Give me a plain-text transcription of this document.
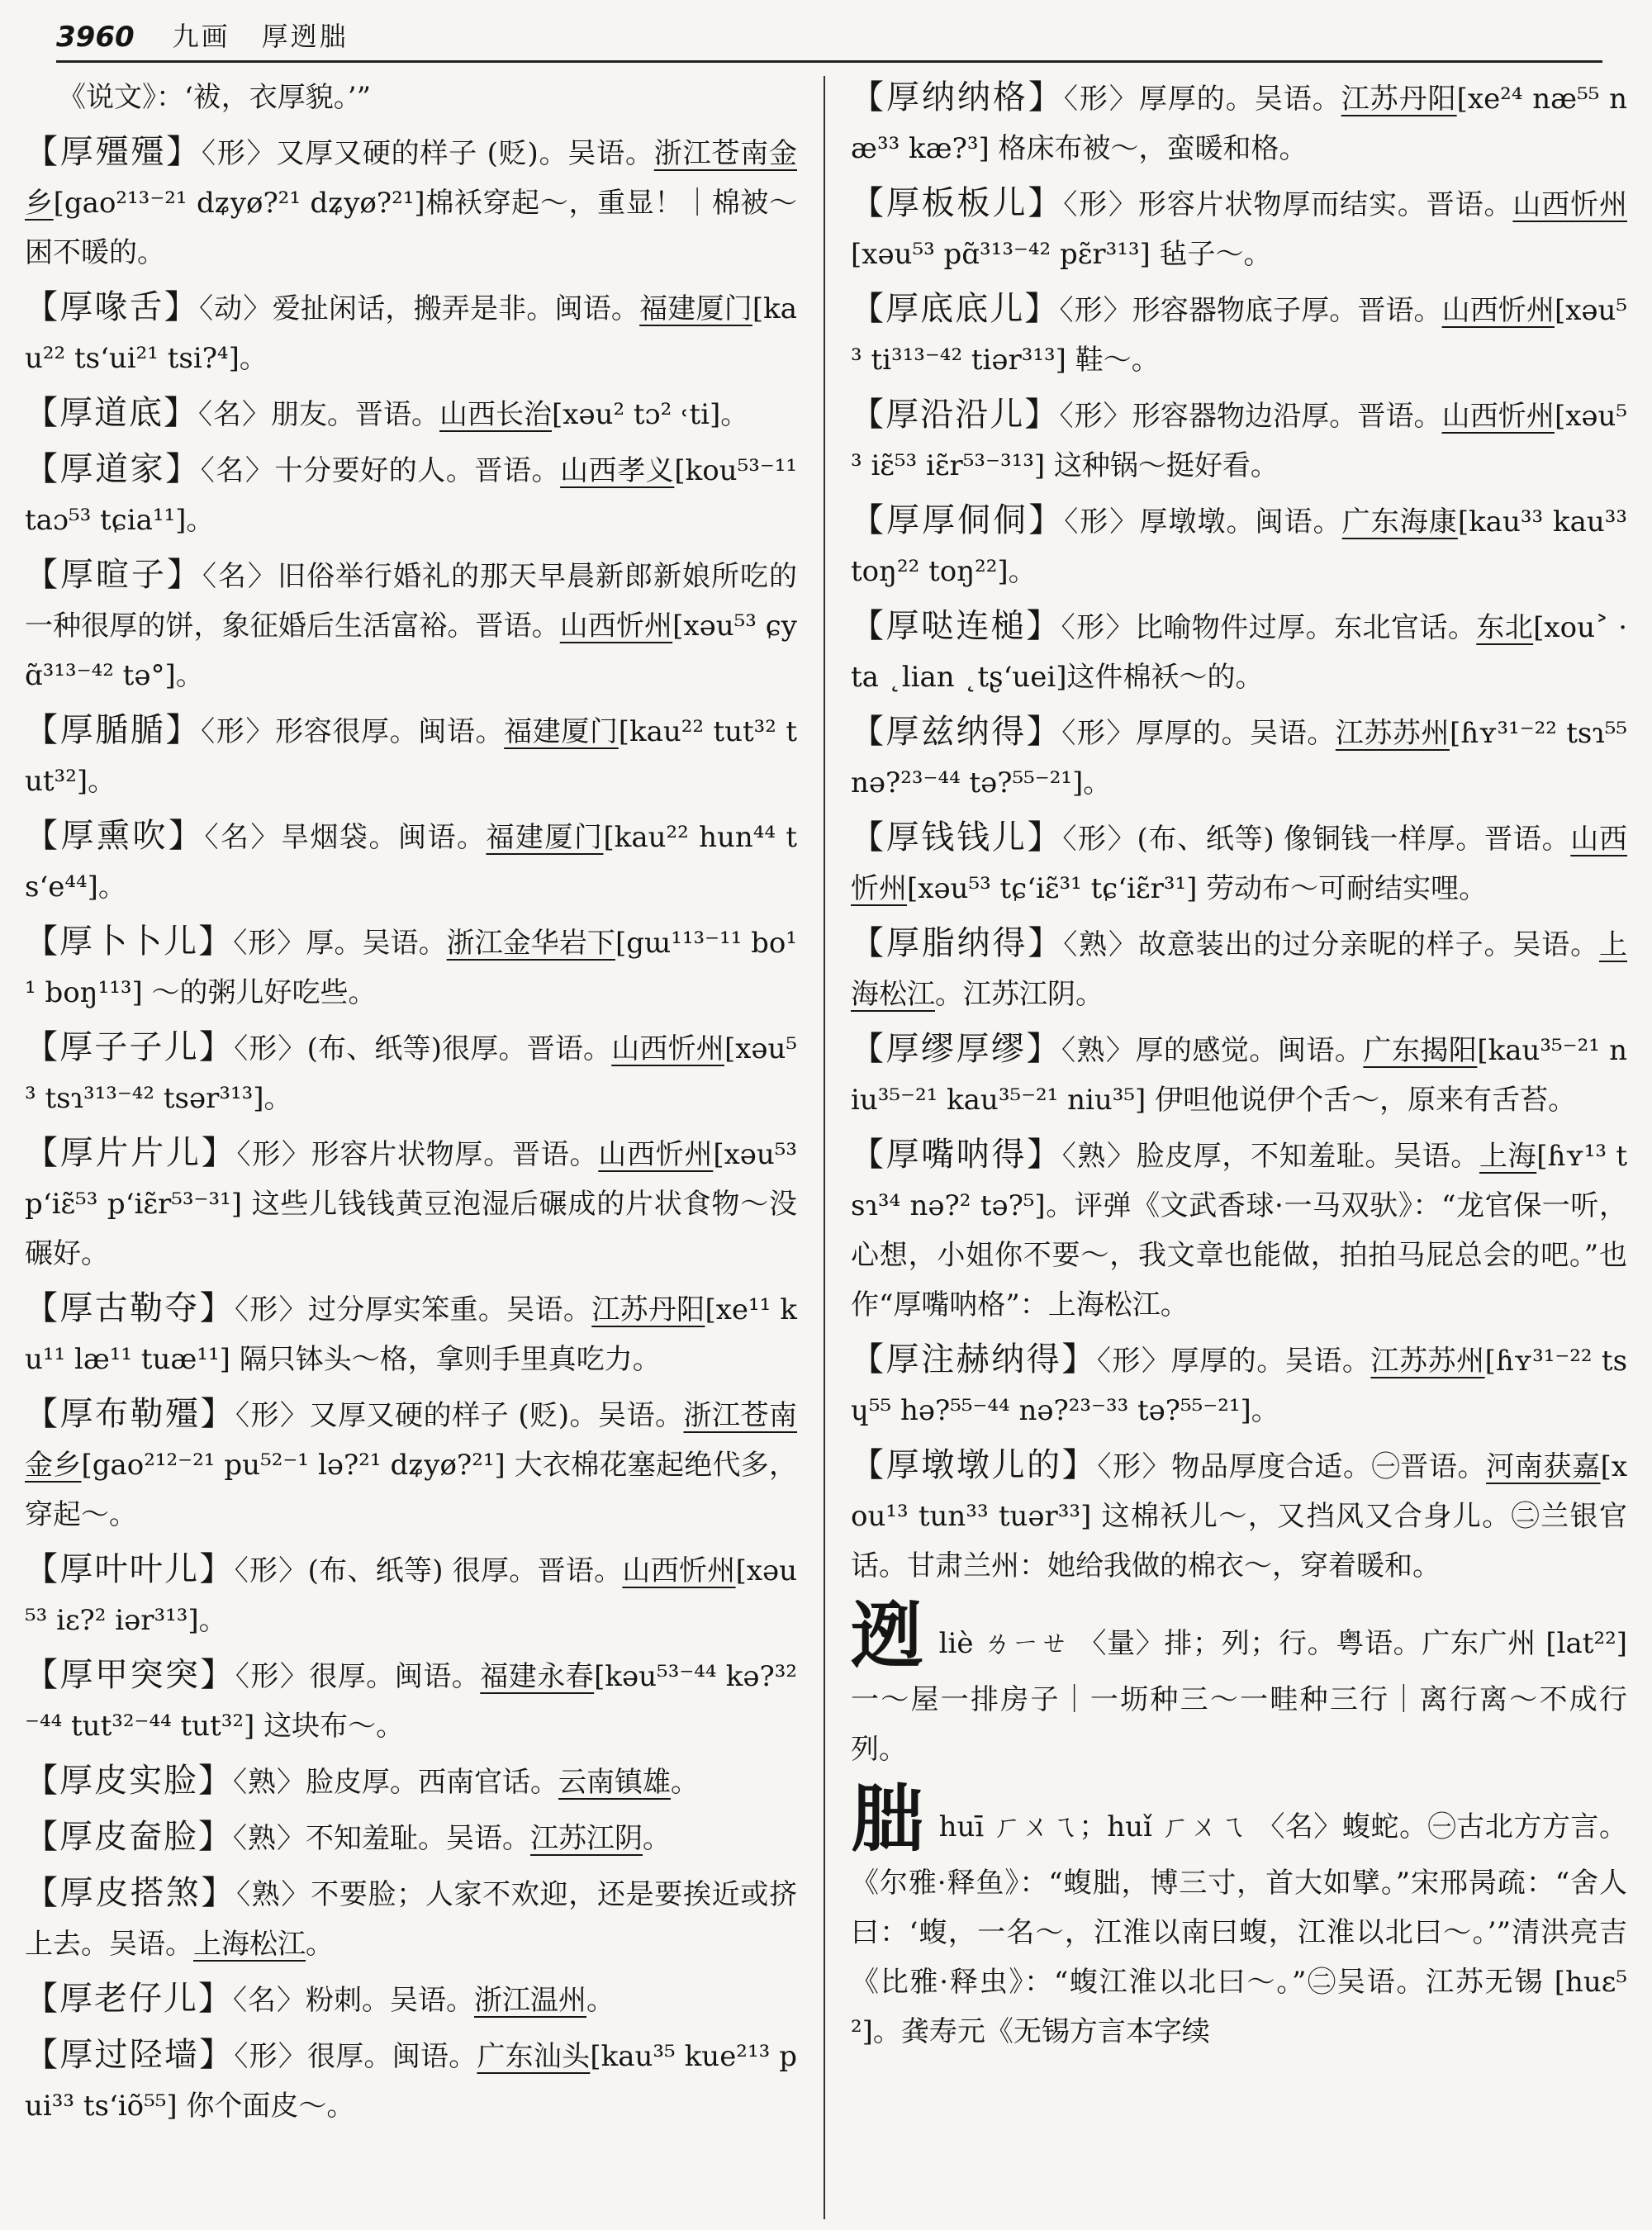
3960 九画 厚迾朏

《说文》：‘袚，衣厚貌。’”

【厚殭殭】〈形〉又厚又硬的样子 (贬)。吴语。浙江苍南金乡[gao²¹³⁻²¹ dʑyø?²¹ dʑyø?²¹]棉袄穿起～，重显！｜棉被～困不暖的。

【厚喙舌】〈动〉爱扯闲话，搬弄是非。闽语。福建厦门[kau²² ts‘ui²¹ tsi?⁴]。

【厚道底】〈名〉朋友。晋语。山西长治[xəu² tɔ² ˓ti]。

【厚道家】〈名〉十分要好的人。晋语。山西孝义[kou⁵³⁻¹¹ taɔ⁵³ tɕia¹¹]。

【厚暄子】〈名〉旧俗举行婚礼的那天早晨新郎新娘所吃的一种很厚的饼，象征婚后生活富裕。晋语。山西忻州[xəu⁵³ ɕyɑ̃³¹³⁻⁴² tə°]。

【厚腯腯】〈形〉形容很厚。闽语。福建厦门[kau²² tut³² tut³²]。

【厚熏吹】〈名〉旱烟袋。闽语。福建厦门[kau²² hun⁴⁴ ts‘e⁴⁴]。

【厚卜卜儿】〈形〉厚。吴语。浙江金华岩下[gɯ¹¹³⁻¹¹ bo¹¹ boŋ¹¹³] ～的粥儿好吃些。

【厚子子儿】〈形〉(布、纸等)很厚。晋语。山西忻州[xəu⁵³ tsɿ³¹³⁻⁴² tsər³¹³]。

【厚片片儿】〈形〉形容片状物厚。晋语。山西忻州[xəu⁵³ p‘iɛ̃⁵³ p‘iɛ̃r⁵³⁻³¹] 这些儿钱钱黄豆泡湿后碾成的片状食物～没碾好。

【厚古勒夺】〈形〉过分厚实笨重。吴语。江苏丹阳[xe¹¹ ku¹¹ læ¹¹ tuæ¹¹] 隔只钵头～格，拿则手里真吃力。

【厚布勒殭】〈形〉又厚又硬的样子 (贬)。吴语。浙江苍南金乡[gao²¹²⁻²¹ pu⁵²⁻¹ lə?²¹ dʑyø?²¹] 大衣棉花塞起绝代多，穿起～。

【厚叶叶儿】〈形〉(布、纸等) 很厚。晋语。山西忻州[xəu⁵³ iɛ?² iər³¹³]。

【厚甲突突】〈形〉很厚。闽语。福建永春[kəu⁵³⁻⁴⁴ kə?³²⁻⁴⁴ tut³²⁻⁴⁴ tut³²] 这块布～。

【厚皮实脸】〈熟〉脸皮厚。西南官话。云南镇雄。

【厚皮奤脸】〈熟〉不知羞耻。吴语。江苏江阴。

【厚皮搭煞】〈熟〉不要脸；人家不欢迎，还是要挨近或挤上去。吴语。上海松江。

【厚老仔儿】〈名〉粉刺。吴语。浙江温州。

【厚过陉墙】〈形〉很厚。闽语。广东汕头[kau³⁵ kue²¹³ pui³³ ts‘iõ⁵⁵] 你个面皮～。

【厚纳纳格】〈形〉厚厚的。吴语。江苏丹阳[xe²⁴ næ⁵⁵ næ³³ kæ?³] 格床布被～，蛮暖和格。

【厚板板儿】〈形〉形容片状物厚而结实。晋语。山西忻州[xəu⁵³ pɑ̃³¹³⁻⁴² pɛ̃r³¹³] 毡子～。

【厚底底儿】〈形〉形容器物底子厚。晋语。山西忻州[xəu⁵³ ti³¹³⁻⁴² tiər³¹³] 鞋～。

【厚沿沿儿】〈形〉形容器物边沿厚。晋语。山西忻州[xəu⁵³ iɛ̃⁵³ iɛ̃r⁵³⁻³¹³] 这种锅～挺好看。

【厚厚侗侗】〈形〉厚墩墩。闽语。广东海康[kau³³ kau³³ toŋ²² toŋ²²]。

【厚哒连槌】〈形〉比喻物件过厚。东北官话。东北[xou˃ ·ta ˛lian ˛tʂ‘uei]这件棉袄～的。

【厚兹纳得】〈形〉厚厚的。吴语。江苏苏州[ɦʏ³¹⁻²² tsɿ⁵⁵ nə?²³⁻⁴⁴ tə?⁵⁵⁻²¹]。

【厚钱钱儿】〈形〉(布、纸等) 像铜钱一样厚。晋语。山西忻州[xəu⁵³ tɕ‘iɛ̃³¹ tɕ‘iɛ̃r³¹] 劳动布～可耐结实哩。

【厚脂纳得】〈熟〉故意装出的过分亲昵的样子。吴语。上海松江。江苏江阴。

【厚缪厚缪】〈熟〉厚的感觉。闽语。广东揭阳[kau³⁵⁻²¹ niu³⁵⁻²¹ kau³⁵⁻²¹ niu³⁵] 伊呾他说伊个舌～，原来有舌苔。

【厚嘴呐得】〈熟〉脸皮厚，不知羞耻。吴语。上海[ɦʏ¹³ tsɿ³⁴ nə?² tə?⁵]。评弹《文武香球·一马双驮》：“龙官保一听，心想，小姐你不要～，我文章也能做，拍拍马屁总会的吧。”也作“厚嘴呐格”：上海松江。

【厚注赫纳得】〈形〉厚厚的。吴语。江苏苏州[ɦʏ³¹⁻²² tsɥ⁵⁵ hə?⁵⁵⁻⁴⁴ nə?²³⁻³³ tə?⁵⁵⁻²¹]。

【厚墩墩儿的】〈形〉物品厚度合适。㊀晋语。河南获嘉[xou¹³ tun³³ tuər³³] 这棉袄儿～，又挡风又合身儿。㊁兰银官话。甘肃兰州：她给我做的棉衣～，穿着暖和。

迾liè ㄌㄧㄝ 〈量〉排；列；行。粤语。广东广州 [lat²²] 一～屋一排房子｜一坜种三～一畦种三行｜离行离～不成行列。

朏huī ㄏㄨㄟ；huǐ ㄏㄨㄟ 〈名〉蝮蛇。㊀古北方方言。《尔雅·释鱼》：“蝮朏，博三寸，首大如擘。”宋邢昺疏：“舍人曰：‘蝮，一名～，江淮以南曰蝮，江淮以北曰～。’”清洪亮吉《比雅·释虫》：“蝮江淮以北曰～。”㊁吴语。江苏无锡 [huɛ⁵²]。龚寿元《无锡方言本字续
